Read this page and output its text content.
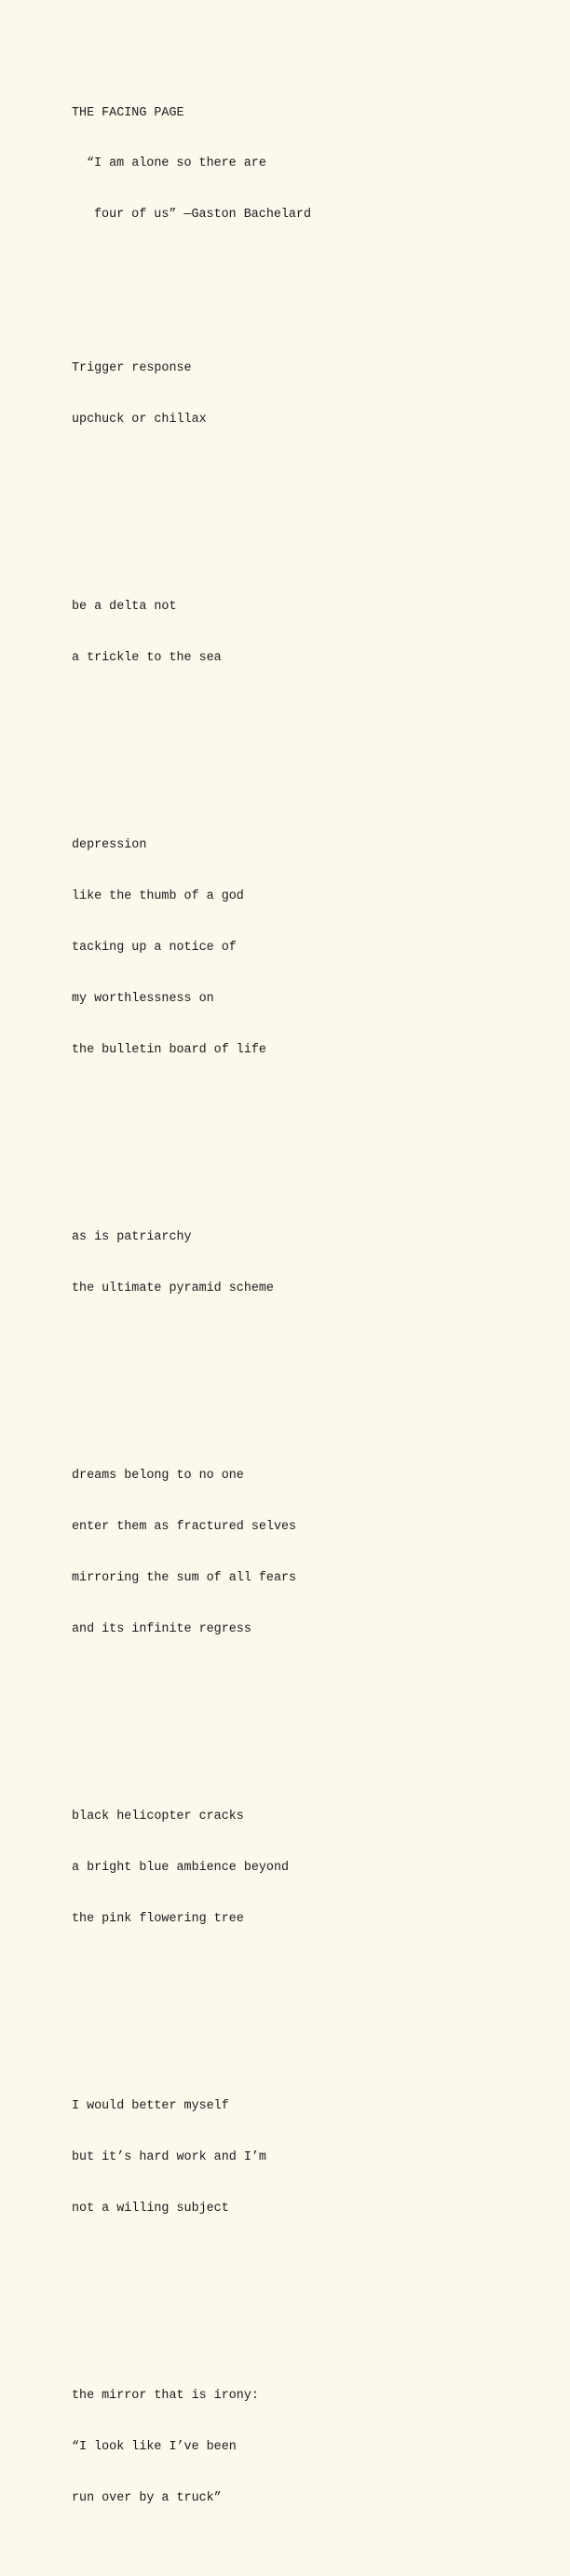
THE FACING PAGE

“I am alone so there are

four of us” —Gaston Bachelard

Trigger response

upchuck or chillax

be a delta not

a trickle to the sea

depression

like the thumb of a god

tacking up a notice of

my worthlessness on

the bulletin board of life

as is patriarchy

the ultimate pyramid scheme

dreams belong to no one

enter them as fractured selves

mirroring the sum of all fears

and its infinite regress

black helicopter cracks

a bright blue ambience beyond

the pink flowering tree

I would better myself

but it’s hard work and I’m

not a willing subject

the mirror that is irony:

“I look like I’ve been

run over by a truck”
